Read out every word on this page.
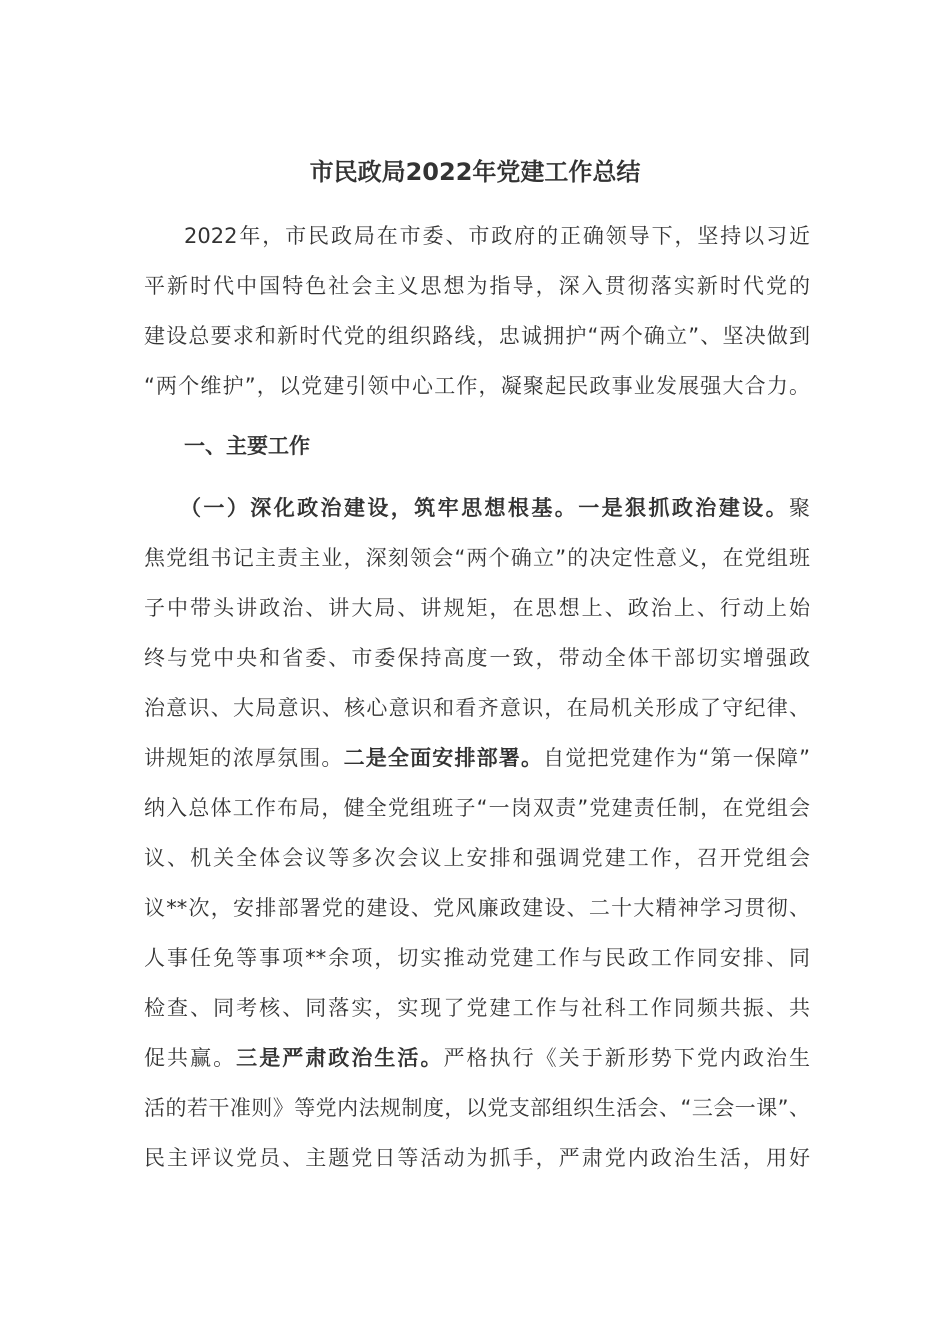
市民政局2022年党建工作总结
2022年，市民政局在市委、市政府的正确领导下，坚持以习近
平新时代中国特色社会主义思想为指导，深入贯彻落实新时代党的
建设总要求和新时代党的组织路线，忠诚拥护“两个确立”、坚决做到
“两个维护”，以党建引领中心工作，凝聚起民政事业发展强大合力。
一、主要工作
（一）深化政治建设，筑牢思想根基。一是狠抓政治建设。聚
焦党组书记主责主业，深刻领会“两个确立”的决定性意义，在党组班
子中带头讲政治、讲大局、讲规矩，在思想上、政治上、行动上始
终与党中央和省委、市委保持高度一致，带动全体干部切实增强政
治意识、大局意识、核心意识和看齐意识，在局机关形成了守纪律、
讲规矩的浓厚氛围。二是全面安排部署。自觉把党建作为“第一保障”
纳入总体工作布局，健全党组班子“一岗双责”党建责任制，在党组会
议、机关全体会议等多次会议上安排和强调党建工作，召开党组会
议**次，安排部署党的建设、党风廉政建设、二十大精神学习贯彻、
人事任免等事项**余项，切实推动党建工作与民政工作同安排、同
检查、同考核、同落实，实现了党建工作与社科工作同频共振、共
促共赢。三是严肃政治生活。严格执行《关于新形势下党内政治生
活的若干准则》等党内法规制度，以党支部组织生活会、“三会一课”、
民主评议党员、主题党日等活动为抓手，严肃党内政治生活，用好
